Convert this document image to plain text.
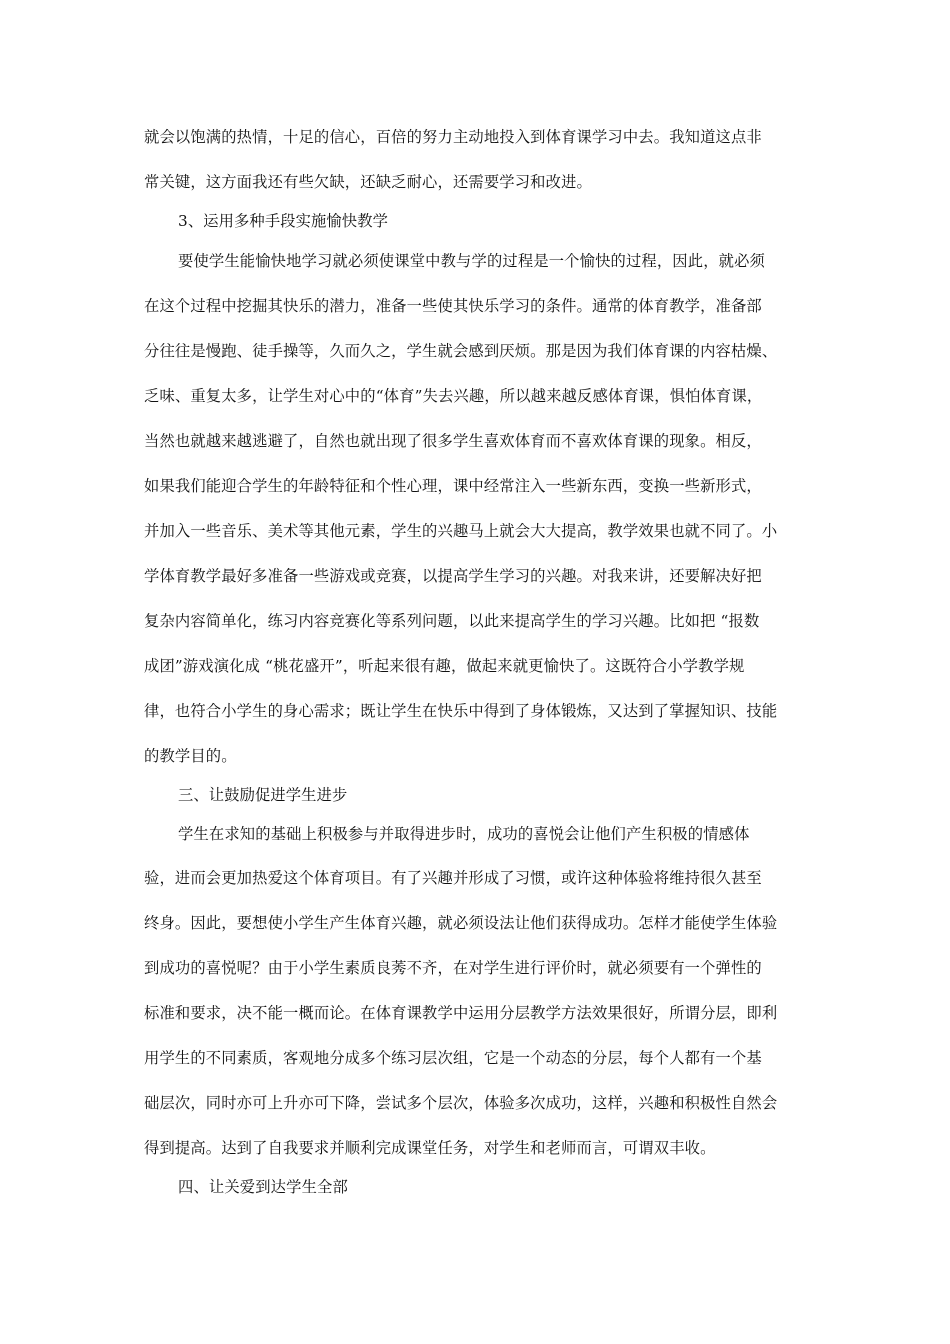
就会以饱满的热情，十足的信心，百倍的努力主动地投入到体育课学习中去。我知道这点非
常关键，这方面我还有些欠缺，还缺乏耐心，还需要学习和改进。
3、运用多种手段实施愉快教学
要使学生能愉快地学习就必须使课堂中教与学的过程是一个愉快的过程，因此，就必须
在这个过程中挖掘其快乐的潜力，准备一些使其快乐学习的条件。通常的体育教学，准备部
分往往是慢跑、徒手操等，久而久之，学生就会感到厌烦。那是因为我们体育课的内容枯燥、
乏味、重复太多，让学生对心中的“体育”失去兴趣，所以越来越反感体育课，惧怕体育课，
当然也就越来越逃避了，自然也就出现了很多学生喜欢体育而不喜欢体育课的现象。相反，
如果我们能迎合学生的年龄特征和个性心理，课中经常注入一些新东西，变换一些新形式，
并加入一些音乐、美术等其他元素，学生的兴趣马上就会大大提高，教学效果也就不同了。小
学体育教学最好多准备一些游戏或竞赛，以提高学生学习的兴趣。对我来讲，还要解决好把
复杂内容简单化，练习内容竞赛化等系列问题，以此来提高学生的学习兴趣。比如把 “报数
成团”游戏演化成 “桃花盛开”，听起来很有趣，做起来就更愉快了。这既符合小学教学规
律，也符合小学生的身心需求；既让学生在快乐中得到了身体锻炼，又达到了掌握知识、技能
的教学目的。
三、让鼓励促进学生进步
学生在求知的基础上积极参与并取得进步时，成功的喜悦会让他们产生积极的情感体
验，进而会更加热爱这个体育项目。有了兴趣并形成了习惯，或许这种体验将维持很久甚至
终身。因此，要想使小学生产生体育兴趣，就必须设法让他们获得成功。怎样才能使学生体验
到成功的喜悦呢？由于小学生素质良莠不齐，在对学生进行评价时，就必须要有一个弹性的
标准和要求，决不能一概而论。在体育课教学中运用分层教学方法效果很好，所谓分层，即利
用学生的不同素质，客观地分成多个练习层次组，它是一个动态的分层，每个人都有一个基
础层次，同时亦可上升亦可下降，尝试多个层次，体验多次成功，这样，兴趣和积极性自然会
得到提高。达到了自我要求并顺利完成课堂任务，对学生和老师而言，可谓双丰收。
四、让关爱到达学生全部
